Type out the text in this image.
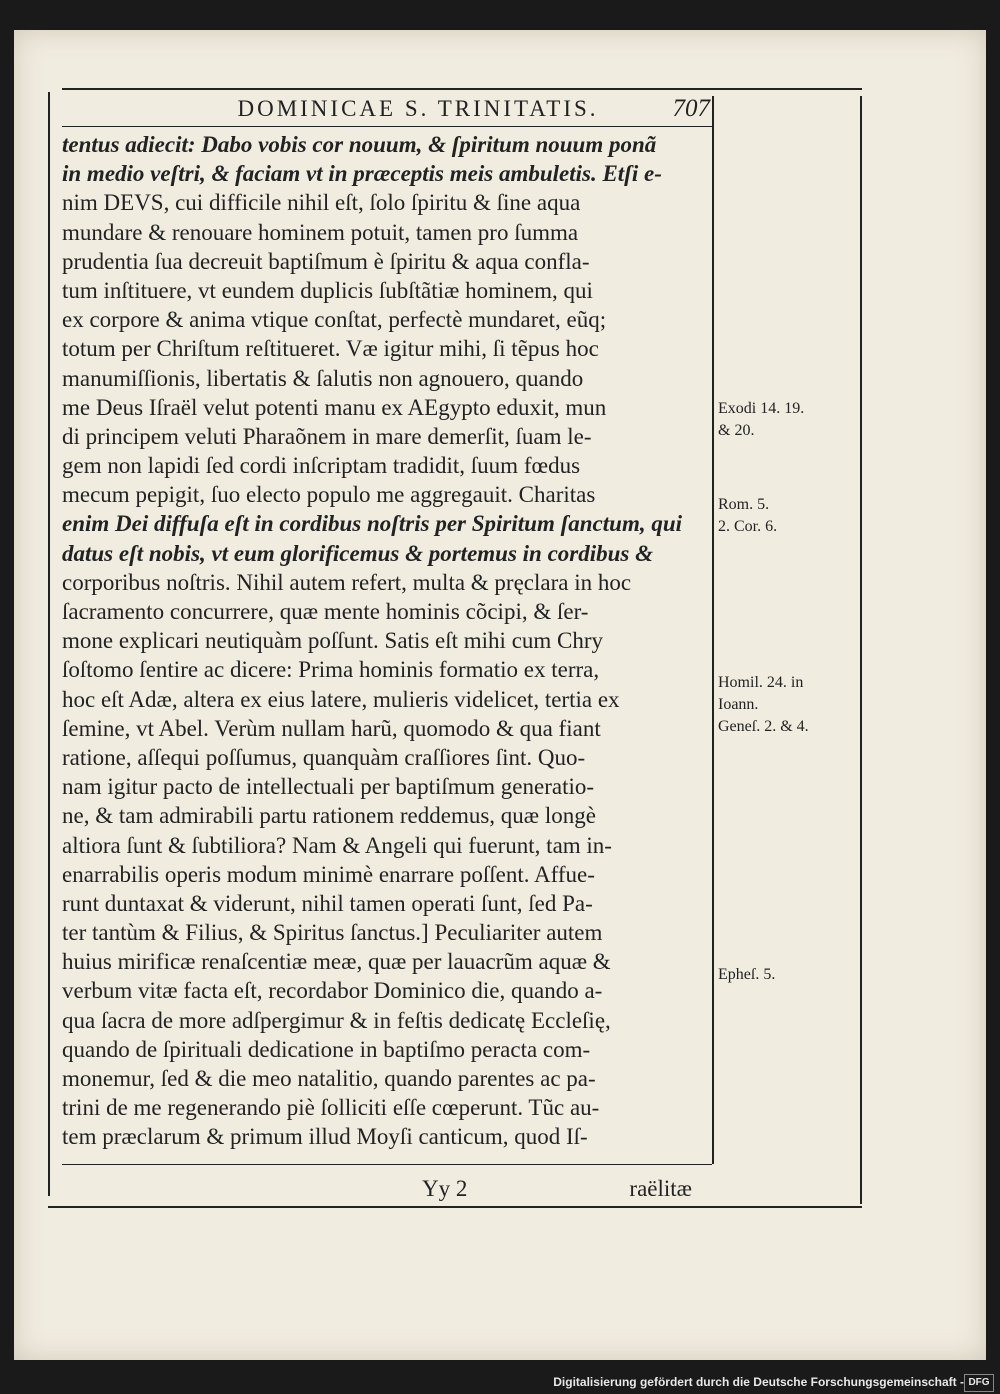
DOMINICAE S. TRINITATIS.	707
tentus adiecit: Dabo vobis cor nouum, & ſpiritum nouum ponã
in medio veſtri, & faciam vt in præceptis meis ambuletis. Etſi e-
nim DEVS, cui difficile nihil eſt, ſolo ſpiritu & ſine aqua
mundare & renouare hominem potuit, tamen pro ſumma
prudentia ſua decreuit baptiſmum è ſpiritu & aqua confla-
tum inſtituere, vt eundem duplicis ſubſtãtiæ hominem, qui
ex corpore & anima vtique conſtat, perfectè mundaret, eũq;
totum per Chriſtum reſtitueret. Væ igitur mihi, ſi tẽpus hoc
manumiſſionis, libertatis & ſalutis non agnouero, quando
me Deus Iſraël velut potenti manu ex AEgypto eduxit, mun
di principem veluti Pharaõnem in mare demerſit, ſuam le-
gem non lapidi ſed cordi inſcriptam tradidit, ſuum fœdus
mecum pepigit, ſuo electo populo me aggregauit. Charitas
enim Dei diffuſa eſt in cordibus noſtris per Spiritum ſanctum, qui
datus eſt nobis, vt eum glorificemus & portemus in cordibus &
corporibus noſtris. Nihil autem refert, multa & pręclara in hoc
ſacramento concurrere, quæ mente hominis cõcipi, & ſer-
mone explicari neutiquàm poſſunt. Satis eſt mihi cum Chry
ſoſtomo ſentire ac dicere: Prima hominis formatio ex terra,
hoc eſt Adæ, altera ex eius latere, mulieris videlicet, tertia ex
ſemine, vt Abel. Verùm nullam harũ, quomodo & qua fiant
ratione, aſſequi poſſumus, quanquàm craſſiores ſint. Quo-
nam igitur pacto de intellectuali per baptiſmum generatio-
ne, & tam admirabili partu rationem reddemus, quæ longè
altiora ſunt & ſubtiliora? Nam & Angeli qui fuerunt, tam in-
enarrabilis operis modum minimè enarrare poſſent. Affue-
runt duntaxat & viderunt, nihil tamen operati ſunt, ſed Pa-
ter tantùm & Filius, & Spiritus ſanctus.] Peculiariter autem
huius mirificæ renaſcentiæ meæ, quæ per lauacrũm aquæ &
verbum vitæ facta eſt, recordabor Dominico die, quando a-
qua ſacra de more adſpergimur & in feſtis dedicatę Eccleſię,
quando de ſpirituali dedicatione in baptiſmo peracta com-
monemur, ſed & die meo natalitio, quando parentes ac pa-
trini de me regenerando piè ſolliciti eſſe cœperunt. Tũc au-
tem præclarum & primum illud Moyſi canticum, quod Iſ-
Exodi 14. 19.
& 20.
Rom. 5.
2. Cor. 6.
Homil. 24. in
Ioann.
Geneſ. 2. & 4.
Epheſ. 5.
Yy 2	raëlitæ
Digitalisierung gefördert durch die Deutsche Forschungsgemeinschaft - DFG
